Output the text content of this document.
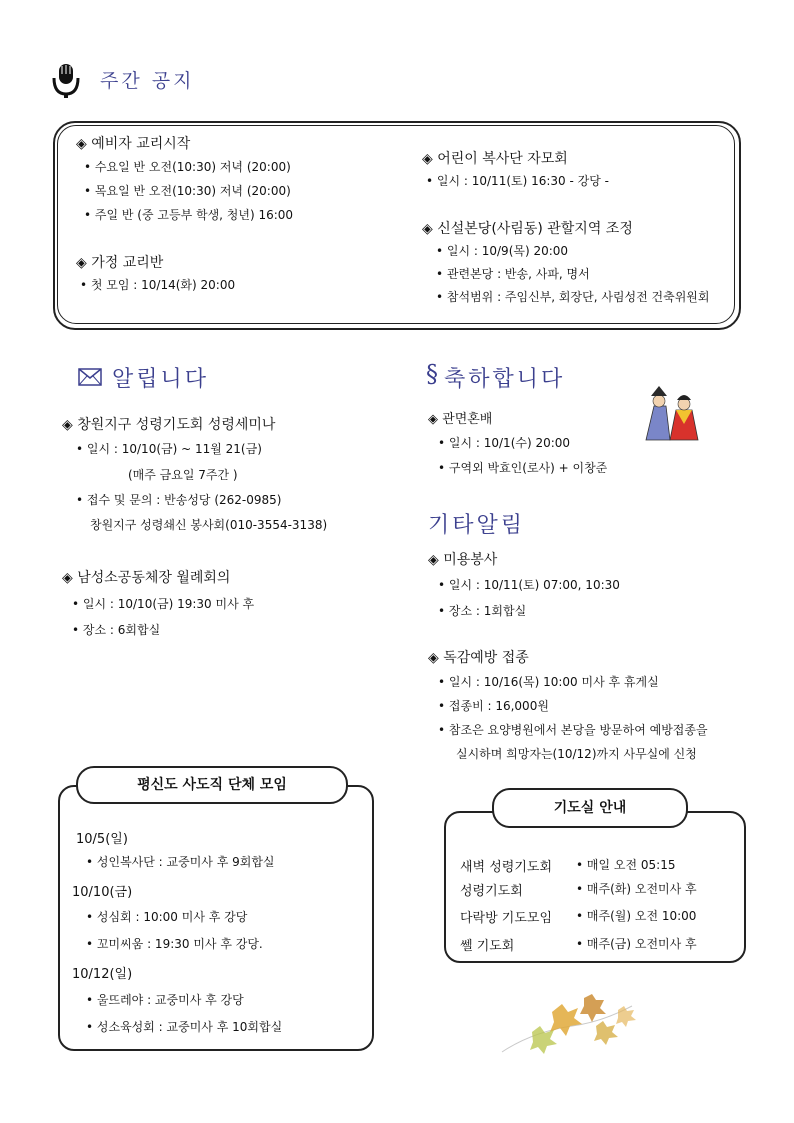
주간 공지
◈ 예비자 교리시작
• 수요일 반 오전(10:30) 저녁 (20:00)
• 목요일 반 오전(10:30) 저녁 (20:00)
• 주일 반 (중 고등부 학생, 청년) 16:00
◈ 가정 교리반
• 첫 모임 : 10/14(화) 20:00
◈ 어린이 복사단 자모회
• 일시 : 10/11(토) 16:30 - 강당 -
◈ 신설본당(사림동) 관할지역 조정
• 일시 : 10/9(목) 20:00
• 관련본당 : 반송, 사파, 명서
• 참석범위 : 주임신부, 회장단, 사림성전 건축위원회
알립니다
◈ 창원지구 성령기도회 성령세미나
• 일시 : 10/10(금) ~ 11월 21(금)
(매주 금요일 7주간 )
• 접수 및 문의 : 반송성당 (262-0985)
창원지구 성령쇄신 봉사회(010-3554-3138)
◈ 남성소공동체장 월례회의
• 일시 : 10/10(금) 19:30 미사 후
• 장소 : 6회합실
§ 축하합니다
◈ 관면혼배
• 일시 : 10/1(수) 20:00
• 구역외 박효인(로사) + 이창준
기타알림
◈ 미용봉사
• 일시 : 10/11(토) 07:00, 10:30
• 장소 : 1회합실
◈ 독감예방 접종
• 일시 : 10/16(목) 10:00 미사 후 휴게실
• 접종비 : 16,000원
• 참조은 요양병원에서 본당을 방문하여 예방접종을
실시하며 희망자는(10/12)까지 사무실에 신청
평신도 사도직 단체 모임
10/5(일)
• 성인복사단 : 교중미사 후 9회합실
10/10(금)
• 성심회 : 10:00 미사 후 강당
• 꼬미씨움 : 19:30 미사 후 강당.
10/12(일)
• 울뜨레야 : 교중미사 후 강당
• 성소육성회 : 교중미사 후 10회합실
기도실 안내
새벽 성령기도회 • 매일 오전 05:15
성령기도회	• 매주(화) 오전미사 후
다락방 기도모임 • 매주(월) 오전 10:00
쎌 기도회	• 매주(금) 오전미사 후
